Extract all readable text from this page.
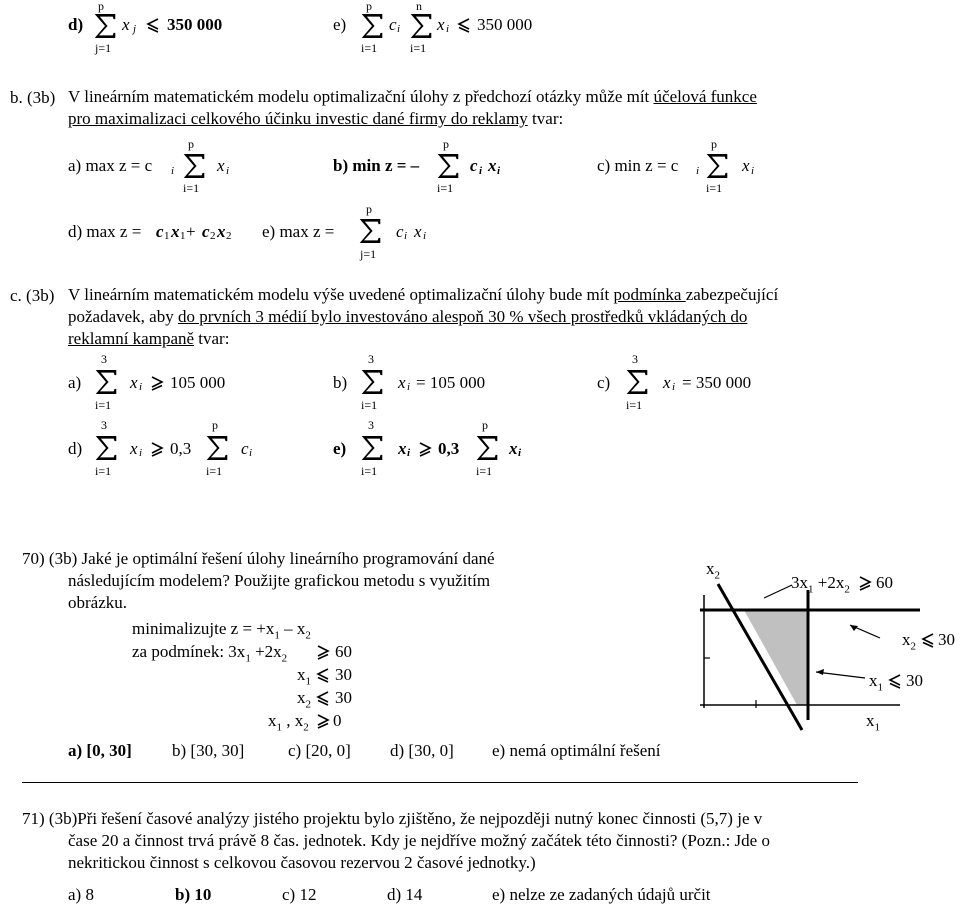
d)
p
j=1
x j 350 000	e)
p
i=1
c i
n
i=1
x i 350 000
b. (3b) V lineárním matematickém modelu optimalizační úlohy z předchozí otázky může mít účelová funkce
pro maximalizaci celkového účinku investic dané firmy do reklamy tvar:
a) max z = c i
p
i=1
x i	b) min z = –
p
i=1
c i x i	c) min z = c i
p
i=1
x i
d) max z = c 1 x 1 + c 2 x 2 e) max z =
p
j=1
c i x i
c. (3b) V lineárním matematickém modelu výše uvedené optimalizační úlohy bude mít podmínka zabezpečující
požadavek, aby do prvních 3 médií bylo investováno alespoň 30 % všech prostředků vkládaných do
reklamní kampaně tvar:
a)
3
i=1
x i 105 000	b)
3
i=1
x i = 105 000	c)
3
i=1
x i = 350 000
d)
3
i=1
x i 0,3
p
i=1
c i	e)
3
i=1
x i 0,3
p
i=1
x i
70) (3b) Jaké je optimální řešení úlohy lineárního programování dané
následujícím modelem? Použijte grafickou metodu s využitím
obrázku.
minimalizujte $z = +x_1 - x_2$
za podmínek: $3x_1 +2x_2$	60
$x_1$ 30
$x_2$ 30
$x_1$ , $x_2$ 0
a) [0, 30] b) [30, 30]	c) [20, 0] d) [30, 0] e) nemá optimální řešení
$x_2$
$x_1$
$3x_1 +2x_2$ 60
$x_2$ 30
$x_1$ 30
71) (3b)Při řešení časové analýzy jistého projektu bylo zjištěno, že nejpozději nutný konec činnosti (5,7) je v
čase 20 a činnost trvá právě 8 čas. jednotek. Kdy je nejdříve možný začátek této činnosti? (Pozn.: Jde o
nekritickou činnost s celkovou časovou rezervou 2 časové jednotky.)
a) 8	b) 10	c) 12	d) 14	e) nelze ze zadaných údajů určit
